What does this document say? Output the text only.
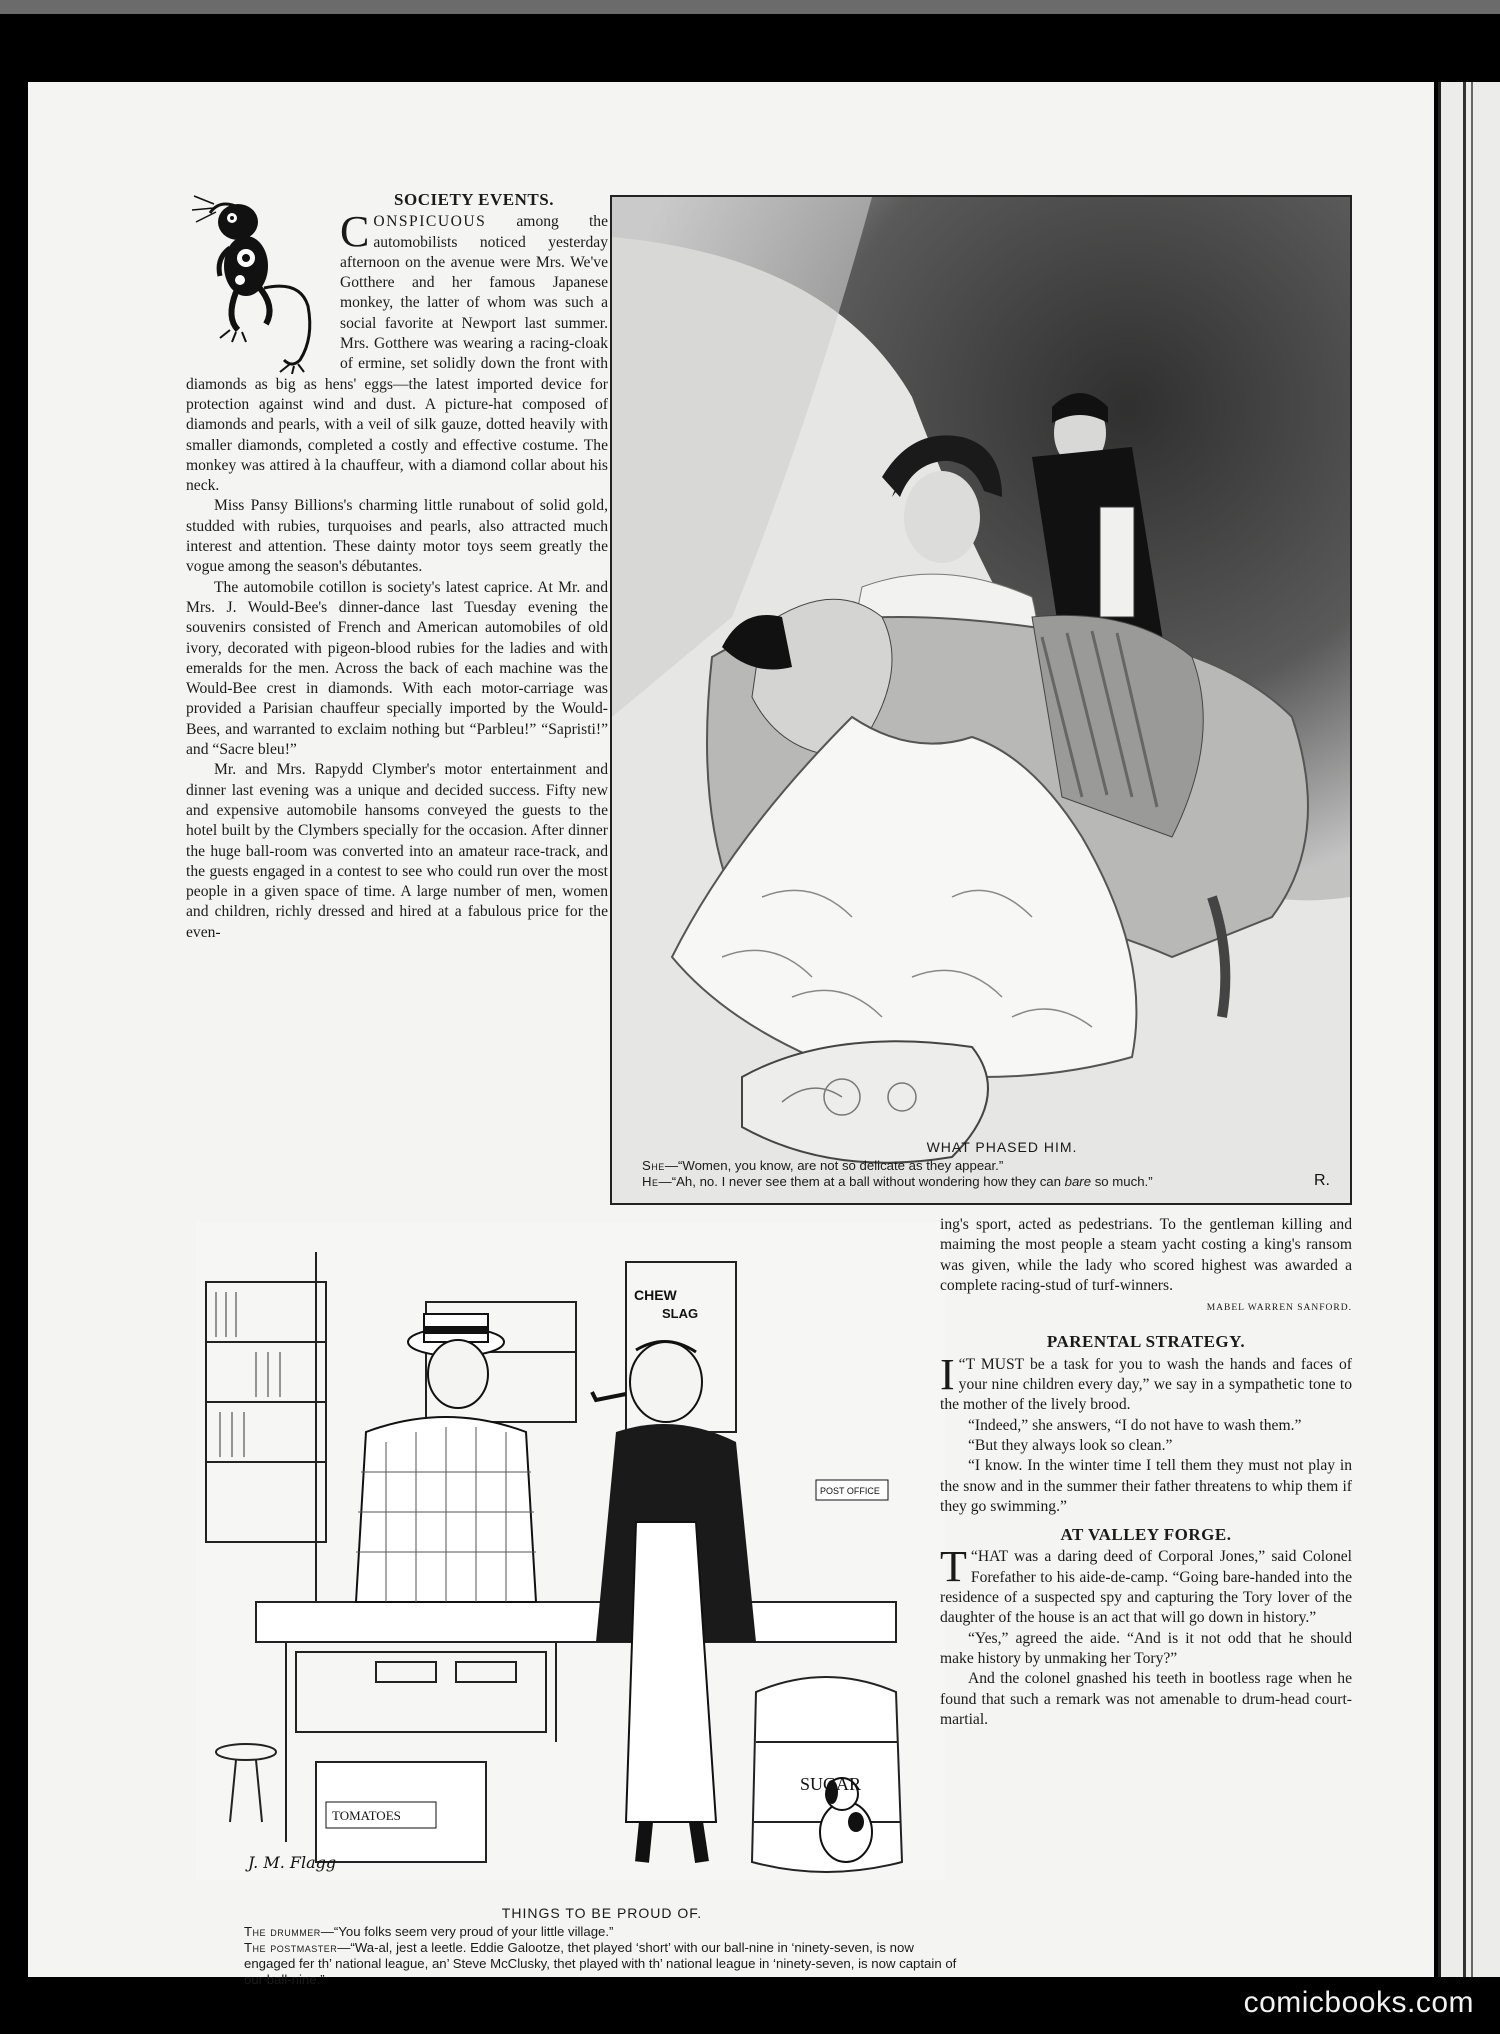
SOCIETY EVENTS.

CONSPICUOUS among the automobilists noticed yesterday afternoon on the avenue were Mrs. We've Gotthere and her famous Japanese monkey, the latter of whom was such a social favorite at Newport last summer. Mrs. Gotthere was wearing a racing-cloak of ermine, set solidly down the front with diamonds as big as hens' eggs—the latest imported device for protection against wind and dust. A picture-hat composed of diamonds and pearls, with a veil of silk gauze, dotted heavily with smaller diamonds, completed a costly and effective costume. The monkey was attired à la chauffeur, with a diamond collar about his neck.

Miss Pansy Billions's charming little runabout of solid gold, studded with rubies, turquoises and pearls, also attracted much interest and attention. These dainty motor toys seem greatly the vogue among the season's débutantes.

The automobile cotillon is society's latest caprice. At Mr. and Mrs. J. Would-Bee's dinner-dance last Tuesday evening the souvenirs consisted of French and American automobiles of old ivory, decorated with pigeon-blood rubies for the ladies and with emeralds for the men. Across the back of each machine was the Would-Bee crest in diamonds. With each motor-carriage was provided a Parisian chauffeur specially imported by the Would-Bees, and warranted to exclaim nothing but “Parbleu!” “Sapristi!” and “Sacre bleu!”

Mr. and Mrs. Rapydd Clymber's motor entertainment and dinner last evening was a unique and decided success. Fifty new and expensive automobile hansoms conveyed the guests to the hotel built by the Clymbers specially for the occasion. After dinner the huge ball-room was converted into an amateur race-track, and the guests engaged in a contest to see who could run over the most people in a given space of time. A large number of men, women and children, richly dressed and hired at a fabulous price for the even-

R.
WHAT PHASED HIM.
She—“Women, you know, are not so delicate as they appear.”
He—“Ah, no. I never see them at a ball without wondering how they can bare so much.”
CHEW
SLAG
POST OFFICE
SUGAR
TOMATOES
J. M. Flagg
THINGS TO BE PROUD OF.
The drummer—“You folks seem very proud of your little village.”
The postmaster—“Wa-al, jest a leetle. Eddie Galootze, thet played ‘short’ with our ball-nine in ‘ninety-seven, is now engaged fer th’ national league, an’ Steve McClusky, thet played with th’ national league in ‘ninety-seven, is now captain of our ball-nine.”

ing's sport, acted as pedestrians. To the gentleman killing and maiming the most people a steam yacht costing a king's ransom was given, while the lady who scored highest was awarded a complete racing-stud of turf-winners.

MABEL WARREN SANFORD.
PARENTAL STRATEGY.

“
I T MUST be a task for you to wash the hands and faces of your nine children every day,” we say in a sympathetic tone to the mother of the lively brood.

“Indeed,” she answers, “I do not have to wash them.”

“But they always look so clean.”

“I know. In the winter time I tell them they must not play in the snow and in the summer their father threatens to whip them if they go swimming.”

AT VALLEY FORGE.

“
T HAT was a daring deed of Corporal Jones,” said Colonel Forefather to his aide-de-camp. “Going bare-handed into the residence of a suspected spy and capturing the Tory lover of the daughter of the house is an act that will go down in history.”

“Yes,” agreed the aide. “And is it not odd that he should make history by unmaking her Tory?”

And the colonel gnashed his teeth in bootless rage when he found that such a remark was not amenable to drum-head court-martial.

comicbooks.com
